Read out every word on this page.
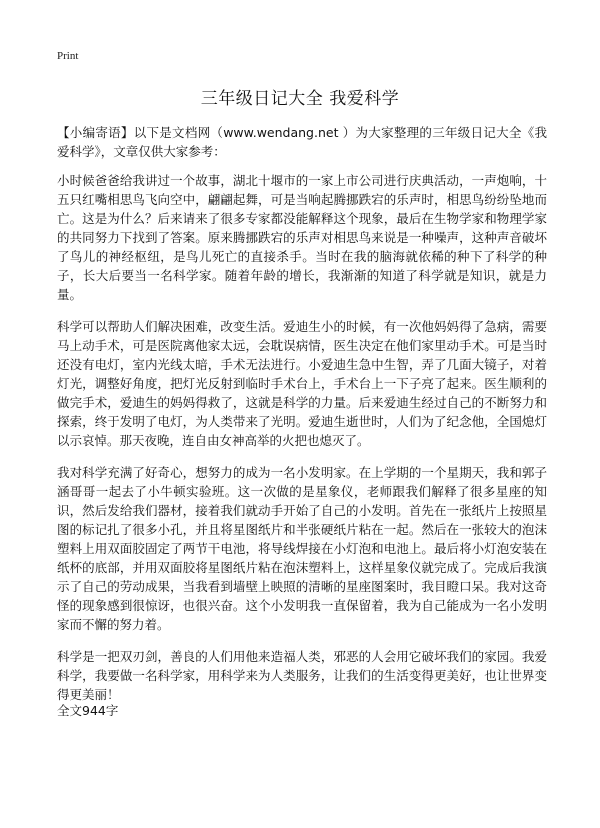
Print
三年级日记大全 我爱科学

【小编寄语】以下是文档网（www.wendang.net ）为大家整理的三年级日记大全《我爱科学》，文章仅供大家参考：

小时候爸爸给我讲过一个故事，湖北十堰市的一家上市公司进行庆典活动，一声炮响，十五只红嘴相思鸟飞向空中，翩翩起舞，可是当响起腾挪跌宕的乐声时，相思鸟纷纷坠地而亡。这是为什么？后来请来了很多专家都没能解释这个现象，最后在生物学家和物理学家的共同努力下找到了答案。原来腾挪跌宕的乐声对相思鸟来说是一种噪声，这种声音破坏了鸟儿的神经枢纽，是鸟儿死亡的直接杀手。当时在我的脑海就依稀的种下了科学的种子，长大后要当一名科学家。随着年龄的增长，我渐渐的知道了科学就是知识，就是力量。

科学可以帮助人们解决困难，改变生活。爱迪生小的时候，有一次他妈妈得了急病，需要马上动手术，可是医院离他家太远，会耽误病情，医生决定在他们家里动手术。可是当时还没有电灯，室内光线太暗，手术无法进行。小爱迪生急中生智，弄了几面大镜子，对着灯光，调整好角度，把灯光反射到临时手术台上，手术台上一下子亮了起来。医生顺利的做完手术，爱迪生的妈妈得救了，这就是科学的力量。后来爱迪生经过自己的不断努力和探索，终于发明了电灯，为人类带来了光明。爱迪生逝世时，人们为了纪念他，全国熄灯以示哀悼。那天夜晚，连自由女神高举的火把也熄灭了。

我对科学充满了好奇心，想努力的成为一名小发明家。在上学期的一个星期天，我和郭子涵哥哥一起去了小牛顿实验班。这一次做的是星象仪，老师跟我们解释了很多星座的知识，然后发给我们器材，接着我们就动手开始了自己的小发明。首先在一张纸片上按照星图的标记扎了很多小孔，并且将星图纸片和半张硬纸片粘在一起。然后在一张较大的泡沫塑料上用双面胶固定了两节干电池，将导线焊接在小灯泡和电池上。最后将小灯泡安装在纸杯的底部，并用双面胶将星图纸片粘在泡沫塑料上，这样星象仪就完成了。完成后我演示了自己的劳动成果，当我看到墙壁上映照的清晰的星座图案时，我目瞪口呆。我对这奇怪的现象感到很惊讶，也很兴奋。这个小发明我一直保留着，我为自己能成为一名小发明家而不懈的努力着。

科学是一把双刃剑，善良的人们用他来造福人类，邪恶的人会用它破坏我们的家园。我爱科学，我要做一名科学家，用科学来为人类服务，让我们的生活变得更美好，也让世界变得更美丽！

全文944字
